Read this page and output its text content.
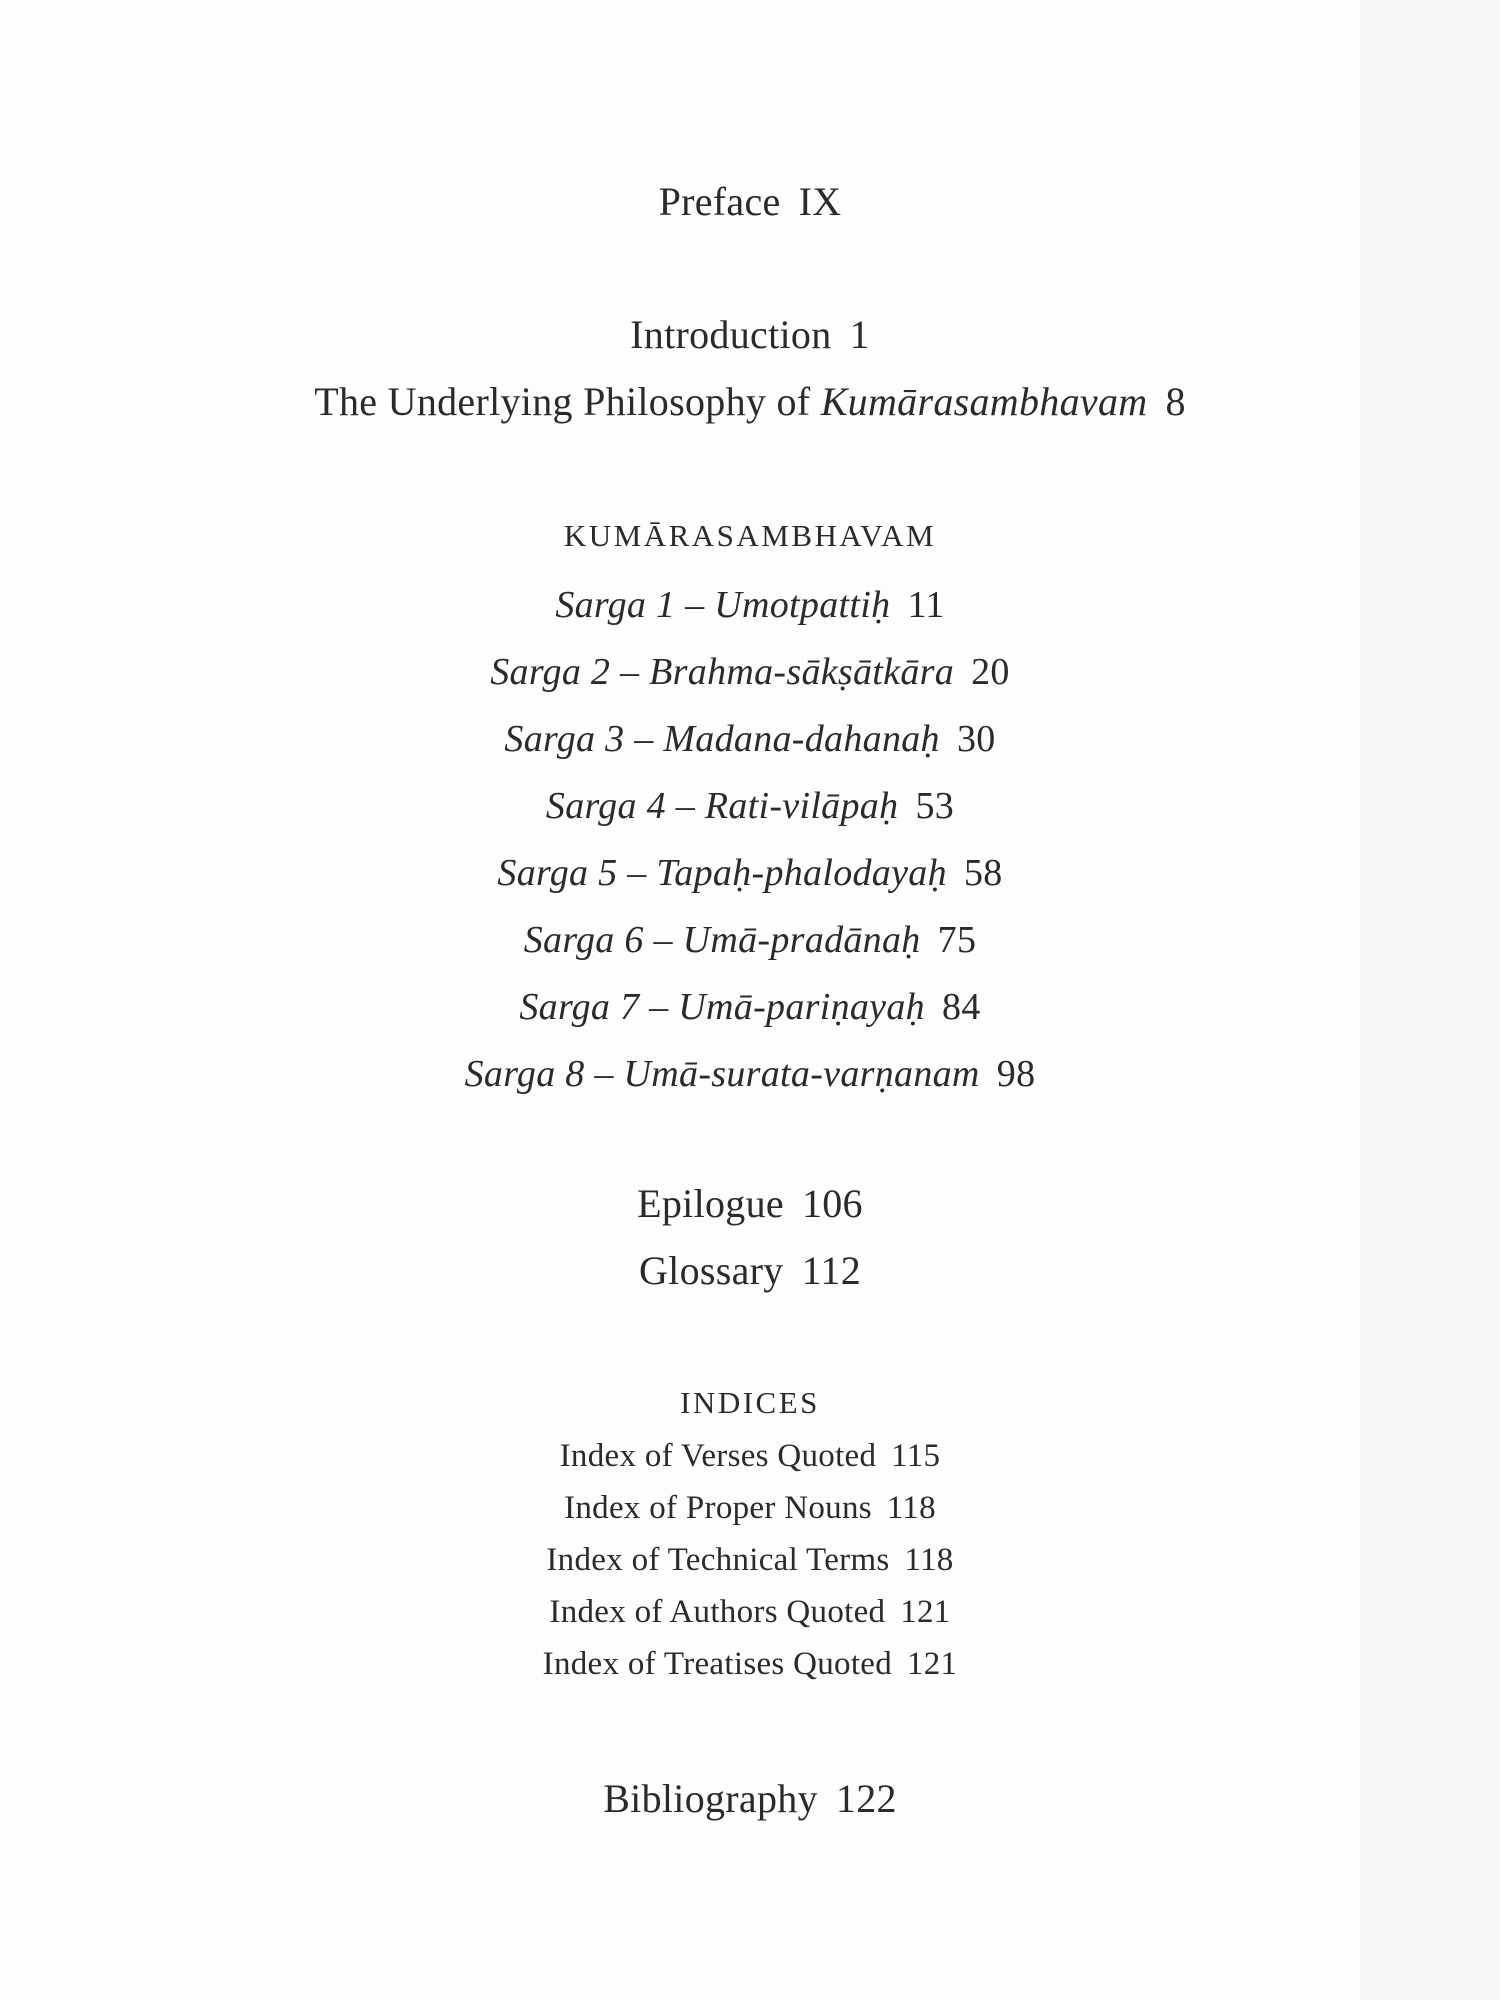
Preface IX
Introduction 1
The Underlying Philosophy of Kumārasambhavam 8
KUMĀRASAMBHAVAM
Sarga 1 – Umotpattiḥ 11
Sarga 2 – Brahma-sākṣātkāra 20
Sarga 3 – Madana-dahanaḥ 30
Sarga 4 – Rati-vilāpaḥ 53
Sarga 5 – Tapaḥ-phalodayaḥ 58
Sarga 6 – Umā-pradānaḥ 75
Sarga 7 – Umā-pariṇayaḥ 84
Sarga 8 – Umā-surata-varṇanam 98
Epilogue 106
Glossary 112
INDICES
Index of Verses Quoted 115
Index of Proper Nouns 118
Index of Technical Terms 118
Index of Authors Quoted 121
Index of Treatises Quoted 121
Bibliography 122
